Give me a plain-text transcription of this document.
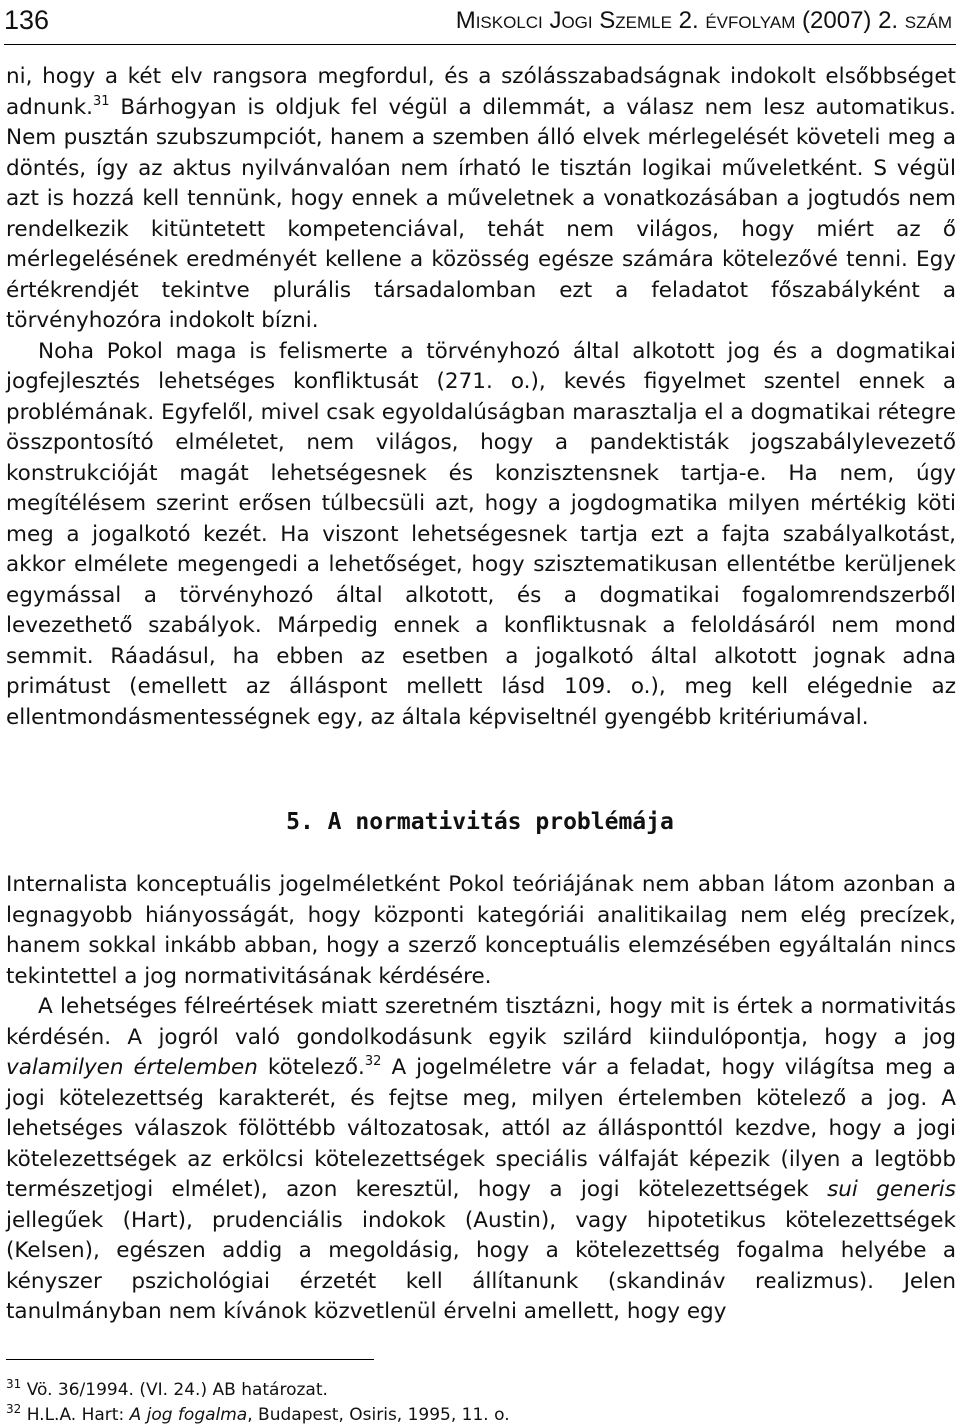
136	Miskolci Jogi Szemle 2. évfolyam (2007) 2. szám

ni, hogy a két elv rangsora megfordul, és a szólásszabadságnak indokolt elsőbbséget adnunk.$^{31}$ Bárhogyan is oldjuk fel végül a dilemmát, a válasz nem lesz automatikus. Nem pusztán szubszumpciót, hanem a szemben álló elvek mérlegelését követeli meg a döntés, így az aktus nyilvánvalóan nem írható le tisztán logikai műveletként. S végül azt is hozzá kell tennünk, hogy ennek a műveletnek a vonatkozásában a jogtudós nem rendelkezik kitüntetett kompetenciával, tehát nem világos, hogy miért az ő mérlegelésének eredményét kellene a közösség egésze számára kötelezővé tenni. Egy értékrendjét tekintve plurális társadalomban ezt a feladatot főszabályként a törvényhozóra indokolt bízni.

Noha Pokol maga is felismerte a törvényhozó által alkotott jog és a dogmatikai jogfejlesztés lehetséges konfliktusát (271. o.), kevés figyelmet szentel ennek a problémának. Egyfelől, mivel csak egyoldalúságban marasztalja el a dogmatikai rétegre összpontosító elméletet, nem világos, hogy a pandektisták jogszabálylevezető konstrukcióját magát lehetségesnek és konzisztensnek tartja-e. Ha nem, úgy megítélésem szerint erősen túlbecsüli azt, hogy a jogdogmatika milyen mértékig köti meg a jogalkotó kezét. Ha viszont lehetségesnek tartja ezt a fajta szabályalkotást, akkor elmélete megengedi a lehetőséget, hogy szisztematikusan ellentétbe kerüljenek egymással a törvényhozó által alkotott, és a dogmatikai fogalomrendszerből levezethető szabályok. Márpedig ennek a konfliktusnak a feloldásáról nem mond semmit. Ráadásul, ha ebben az esetben a jogalkotó által alkotott jognak adna primátust (emellett az álláspont mellett lásd 109. o.), meg kell elégednie az ellentmondásmentességnek egy, az általa képviseltnél gyengébb kritériumával.

5. A normativitás problémája

Internalista konceptuális jogelméletként Pokol teóriájának nem abban látom azonban a legnagyobb hiányosságát, hogy központi kategóriái analitikailag nem elég precízek, hanem sokkal inkább abban, hogy a szerző konceptuális elemzésében egyáltalán nincs tekintettel a jog normativitásának kérdésére.

A lehetséges félreértések miatt szeretném tisztázni, hogy mit is értek a normativitás kérdésén. A jogról való gondolkodásunk egyik szilárd kiindulópontja, hogy a jog valamilyen értelemben kötelező.$^{32}$ A jogelméletre vár a feladat, hogy világítsa meg a jogi kötelezettség karakterét, és fejtse meg, milyen értelemben kötelező a jog. A lehetséges válaszok fölöttébb változatosak, attól az állásponttól kezdve, hogy a jogi kötelezettségek az erkölcsi kötelezettségek speciális válfaját képezik (ilyen a legtöbb természetjogi elmélet), azon keresztül, hogy a jogi kötelezettségek sui generis jellegűek (Hart), prudenciális indokok (Austin), vagy hipotetikus kötelezettségek (Kelsen), egészen addig a megoldásig, hogy a kötelezettség fogalma helyébe a kényszer pszichológiai érzetét kell állítanunk (skandináv realizmus). Jelen tanulmányban nem kívánok közvetlenül érvelni amellett, hogy egy

$^{31}$ Vö. 36/1994. (VI. 24.) AB határozat.
$^{32}$ H.L.A. Hart: A jog fogalma, Budapest, Osiris, 1995, 11. o.
